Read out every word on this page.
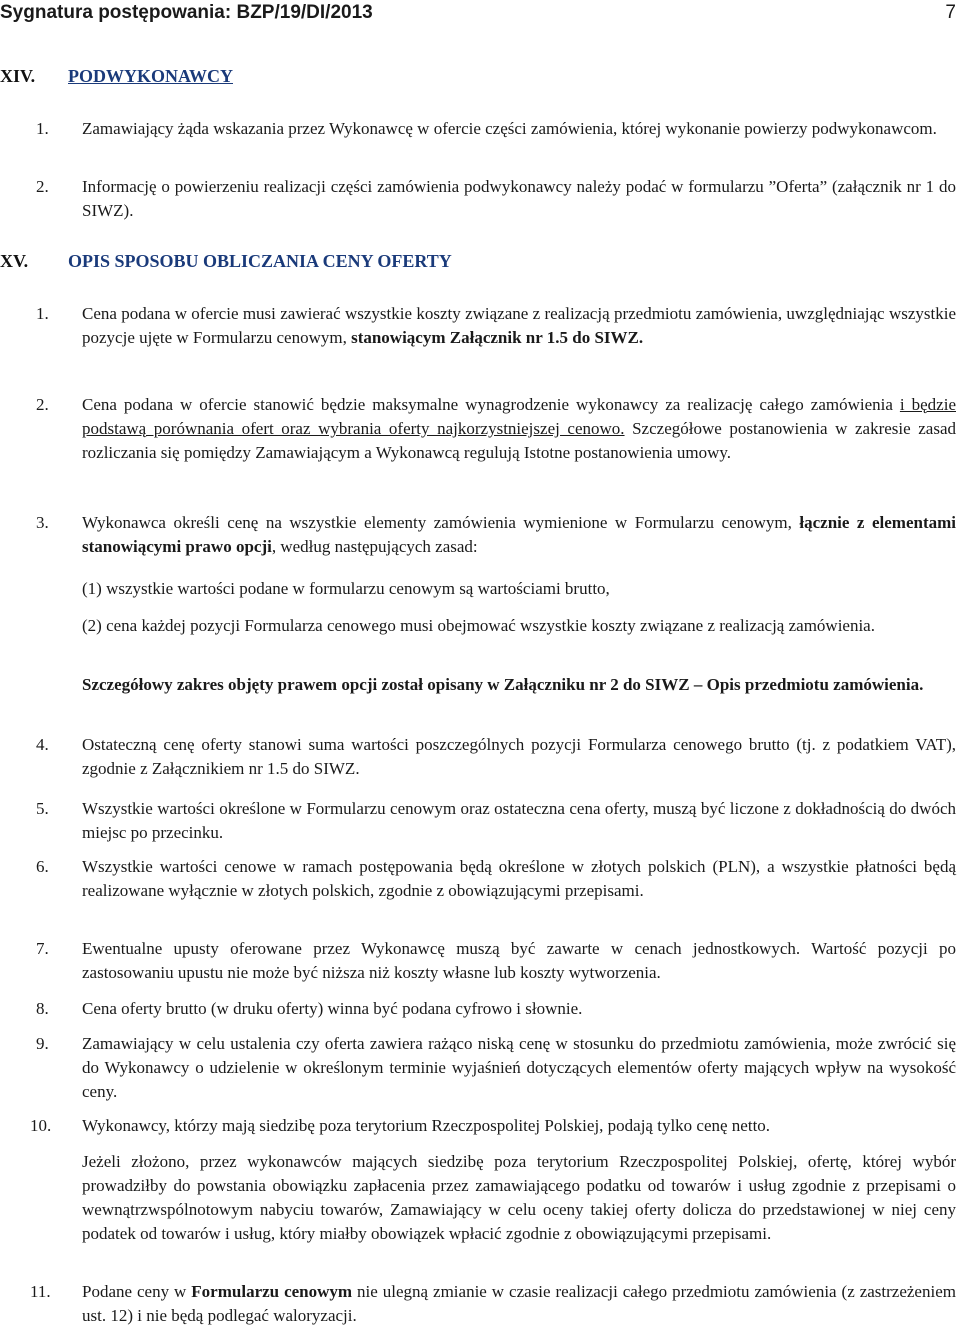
Sygnatura postępowania: BZP/19/DI/2013	7
XIV. PODWYKONAWCY
1. Zamawiający żąda wskazania przez Wykonawcę w ofercie części zamówienia, której wykonanie powierzy podwykonawcom.
2. Informację o powierzeniu realizacji części zamówienia podwykonawcy należy podać w formularzu ”Oferta” (załącznik nr 1 do SIWZ).
XV. OPIS SPOSOBU OBLICZANIA CENY OFERTY
1. Cena podana w ofercie musi zawierać wszystkie koszty związane z realizacją przedmiotu zamówienia, uwzględniając wszystkie pozycje ujęte w Formularzu cenowym, stanowiącym Załącznik nr 1.5 do SIWZ.
2. Cena podana w ofercie stanowić będzie maksymalne wynagrodzenie wykonawcy za realizację całego zamówienia i będzie podstawą porównania ofert oraz wybrania oferty najkorzystniejszej cenowo. Szczegółowe postanowienia w zakresie zasad rozliczania się pomiędzy Zamawiającym a Wykonawcą regulują Istotne postanowienia umowy.
3. Wykonawca określi cenę na wszystkie elementy zamówienia wymienione w Formularzu cenowym, łącznie z elementami stanowiącymi prawo opcji, według następujących zasad:
(1) wszystkie wartości podane w formularzu cenowym są wartościami brutto,
(2) cena każdej pozycji Formularza cenowego musi obejmować wszystkie koszty związane z realizacją zamówienia.
Szczegółowy zakres objęty prawem opcji został opisany w Załączniku nr 2 do SIWZ – Opis przedmiotu zamówienia.
4. Ostateczną cenę oferty stanowi suma wartości poszczególnych pozycji Formularza cenowego brutto (tj. z podatkiem VAT), zgodnie z Załącznikiem nr 1.5 do SIWZ.
5. Wszystkie wartości określone w Formularzu cenowym oraz ostateczna cena oferty, muszą być liczone z dokładnością do dwóch miejsc po przecinku.
6. Wszystkie wartości cenowe w ramach postępowania będą określone w złotych polskich (PLN), a wszystkie płatności będą realizowane wyłącznie w złotych polskich, zgodnie z obowiązującymi przepisami.
7. Ewentualne upusty oferowane przez Wykonawcę muszą być zawarte w cenach jednostkowych. Wartość pozycji po zastosowaniu upustu nie może być niższa niż koszty własne lub koszty wytworzenia.
8. Cena oferty brutto (w druku oferty) winna być podana cyfrowo i słownie.
9. Zamawiający w celu ustalenia czy oferta zawiera rażąco niską cenę w stosunku do przedmiotu zamówienia, może zwrócić się do Wykonawcy o udzielenie w określonym terminie wyjaśnień dotyczących elementów oferty mających wpływ na wysokość ceny.
10. Wykonawcy, którzy mają siedzibę poza terytorium Rzeczpospolitej Polskiej, podają tylko cenę netto.
Jeżeli złożono, przez wykonawców mających siedzibę poza terytorium Rzeczpospolitej Polskiej, ofertę, której wybór prowadziłby do powstania obowiązku zapłacenia przez zamawiającego podatku od towarów i usług zgodnie z przepisami o wewnątrzwspólnotowym nabyciu towarów, Zamawiający w celu oceny takiej oferty dolicza do przedstawionej w niej ceny podatek od towarów i usług, który miałby obowiązek wpłacić zgodnie z obowiązującymi przepisami.
11. Podane ceny w Formularzu cenowym nie ulegną zmianie w czasie realizacji całego przedmiotu zamówienia (z zastrzeżeniem ust. 12) i nie będą podlegać waloryzacji.
